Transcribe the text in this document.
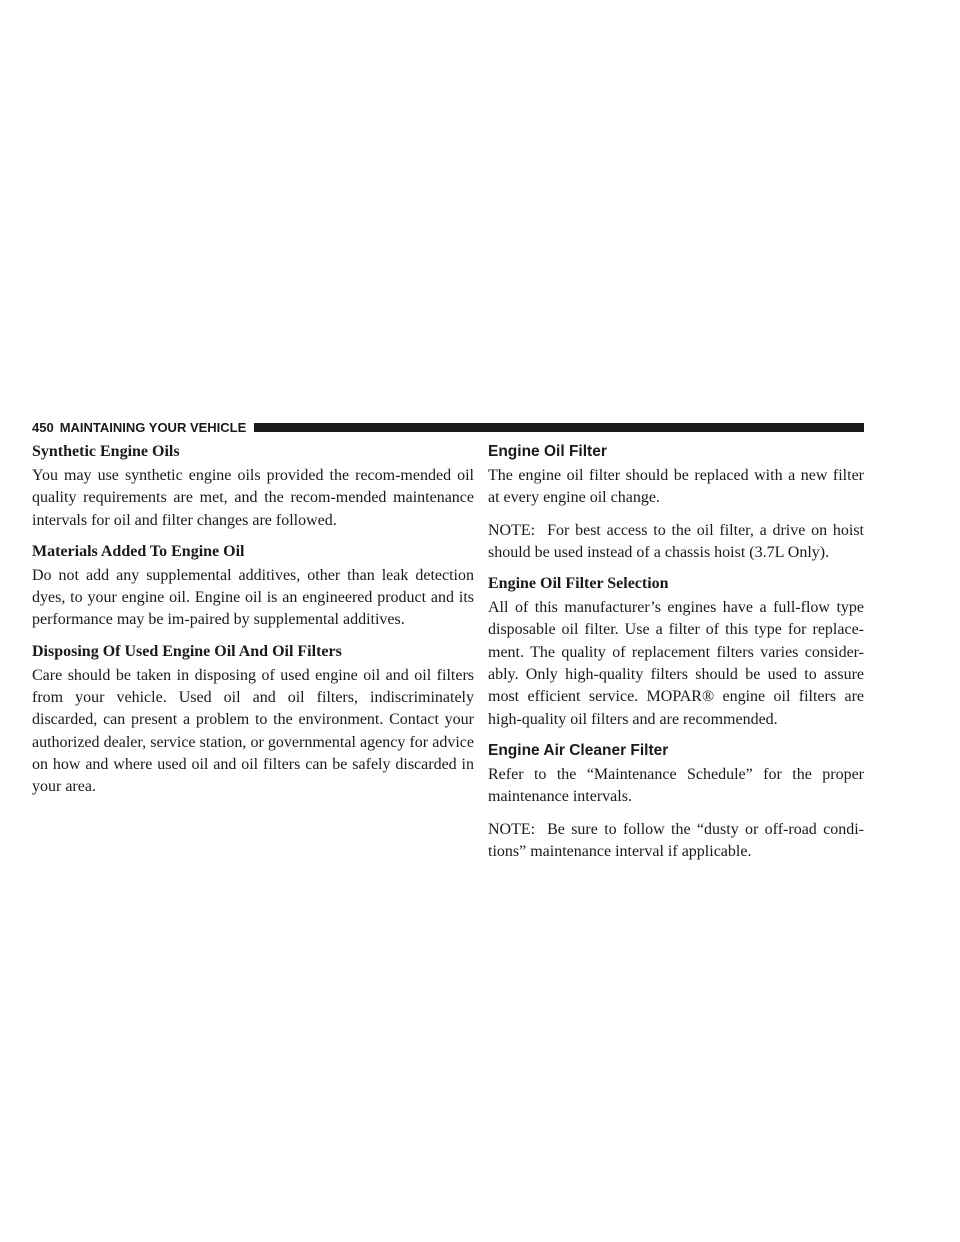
450 MAINTAINING YOUR VEHICLE
Synthetic Engine Oils

You may use synthetic engine oils provided the recom-mended oil quality requirements are met, and the recom-mended maintenance intervals for oil and filter changes are followed.

Materials Added To Engine Oil

Do not add any supplemental additives, other than leak detection dyes, to your engine oil. Engine oil is an engineered product and its performance may be im-paired by supplemental additives.

Disposing Of Used Engine Oil And Oil Filters

Care should be taken in disposing of used engine oil and oil filters from your vehicle. Used oil and oil filters, indiscriminately discarded, can present a problem to the environment. Contact your authorized dealer, service station, or governmental agency for advice on how and where used oil and oil filters can be safely discarded in your area.

Engine Oil Filter

The engine oil filter should be replaced with a new filter at every engine oil change.

NOTE: For best access to the oil filter, a drive on hoist should be used instead of a chassis hoist (3.7L Only).

Engine Oil Filter Selection

All of this manufacturer’s engines have a full-flow type disposable oil filter. Use a filter of this type for replace-ment. The quality of replacement filters varies consider-ably. Only high-quality filters should be used to assure most efficient service. MOPAR® engine oil filters are high-quality oil filters and are recommended.

Engine Air Cleaner Filter

Refer to the “Maintenance Schedule” for the proper maintenance intervals.

NOTE: Be sure to follow the “dusty or off-road condi-tions” maintenance interval if applicable.
